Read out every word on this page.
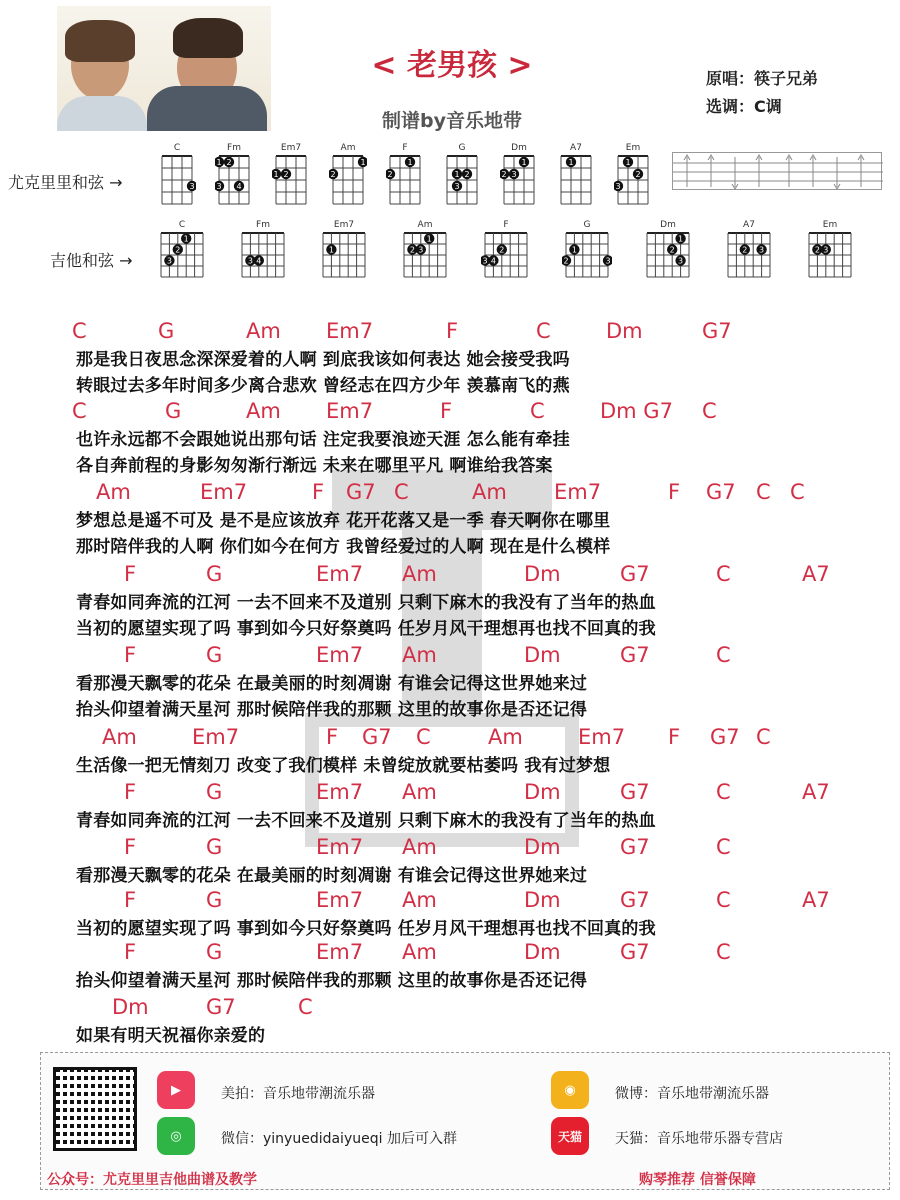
< 老男孩 >
制谱by音乐地带
原唱：筷子兄弟
选调：C调
尤克里里和弦 →
吉他和弦 →
C
3
Fm
1 2
3 4
Em7
1 2
Am
2
1
F
2
1
G
1 2
3
Dm
2 3
1
A7
1
Em
1
2
3
C
1
2
3
Fm
3 4
Em7
1
Am
1
2 3
F
2
3 4
G
1
2	3
Dm
1
2
3
A7
2 3
Em
2 3
C	G	Am Em7	F	C	Dm	G7
那是我日夜思念深深爱着的人啊 到底我该如何表达 她会接受我吗
转眼过去多年时间多少离合悲欢 曾经志在四方少年 羡慕南飞的燕
C	G	Am Em7	F	C	Dm G7 C
也许永远都不会跟她说出那句话 注定我要浪迹天涯 怎么能有牵挂
各自奔前程的身影匆匆渐行渐远 未来在哪里平凡 啊谁给我答案
Am	Em7	F G7 C	Am Em7	F G7 C C
梦想总是遥不可及 是不是应该放弃 花开花落又是一季 春天啊你在哪里
那时陪伴我的人啊 你们如今在何方 我曾经爱过的人啊 现在是什么模样
F	G	Em7 Am	Dm	G7	C	A7
青春如同奔流的江河 一去不回来不及道别 只剩下麻木的我没有了当年的热血
当初的愿望实现了吗 事到如今只好祭奠吗 任岁月风干理想再也找不回真的我
F	G	Em7 Am	Dm	G7	C
看那漫天飘零的花朵 在最美丽的时刻凋谢 有谁会记得这世界她来过
抬头仰望着满天星河 那时候陪伴我的那颗 这里的故事你是否还记得
Am	Em7	F G7 C	Am	Em7 F G7 C
生活像一把无情刻刀 改变了我们模样 未曾绽放就要枯萎吗 我有过梦想
F	G	Em7 Am	Dm	G7	C	A7
青春如同奔流的江河 一去不回来不及道别 只剩下麻木的我没有了当年的热血
F	G	Em7 Am	Dm	G7	C
看那漫天飘零的花朵 在最美丽的时刻凋谢 有谁会记得这世界她来过
F	G	Em7 Am	Dm	G7	C	A7
当初的愿望实现了吗 事到如今只好祭奠吗 任岁月风干理想再也找不回真的我
F	G	Em7 Am	Dm	G7	C
抬头仰望着满天星河 那时候陪伴我的那颗 这里的故事你是否还记得
Dm	G7	C
如果有明天祝福你亲爱的
▶	美拍：音乐地带潮流乐器
◎	微信：yinyuedidaiyueqi 加后可入群
◉	微博：音乐地带潮流乐器
天猫	天猫：音乐地带乐器专营店
公众号：尤克里里吉他曲谱及教学	购琴推荐 信誉保障
